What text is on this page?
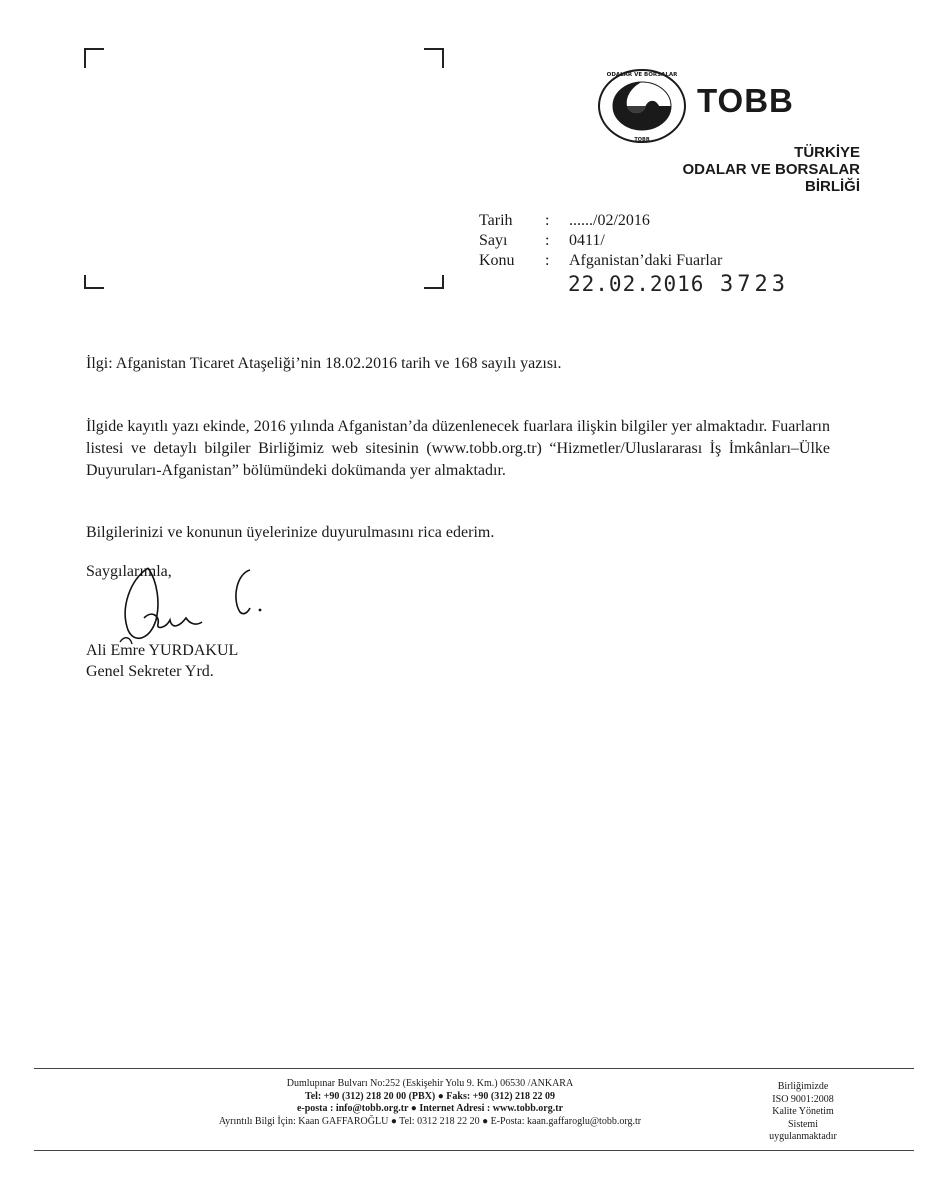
ODALAR VE BORSALAR
TOBB
TOBB
TÜRKİYE
ODALAR VE BORSALAR
BİRLİĞİ
Tarih	:	....../02/2016
Sayı	:	0411/
Konu	:	Afganistan’daki Fuarlar
22.02.2016 3723
İlgi: Afganistan Ticaret Ataşeliği’nin 18.02.2016 tarih ve 168 sayılı yazısı.
İlgide kayıtlı yazı ekinde, 2016 yılında Afganistan’da düzenlenecek fuarlara ilişkin bilgiler yer almaktadır. Fuarların listesi ve detaylı bilgiler Birliğimiz web sitesinin (www.tobb.org.tr) “Hizmetler/Uluslararası İş İmkânları–Ülke Duyuruları-Afganistan” bölümündeki dokümanda yer almaktadır.
Bilgilerinizi ve konunun üyelerinize duyurulmasını rica ederim.
Saygılarımla,
Ali Emre YURDAKUL
Genel Sekreter Yrd.
Dumlupınar Bulvarı No:252 (Eskişehir Yolu 9. Km.) 06530 /ANKARA
Tel: +90 (312) 218 20 00 (PBX) ● Faks: +90 (312) 218 22 09
e-posta : info@tobb.org.tr ● Internet Adresi : www.tobb.org.tr
Ayrıntılı Bilgi İçin: Kaan GAFFAROĞLU ● Tel: 0312 218 22 20 ● E-Posta: kaan.gaffaroglu@tobb.org.tr
Birliğimizde
ISO 9001:2008
Kalite Yönetim
Sistemi
uygulanmaktadır
